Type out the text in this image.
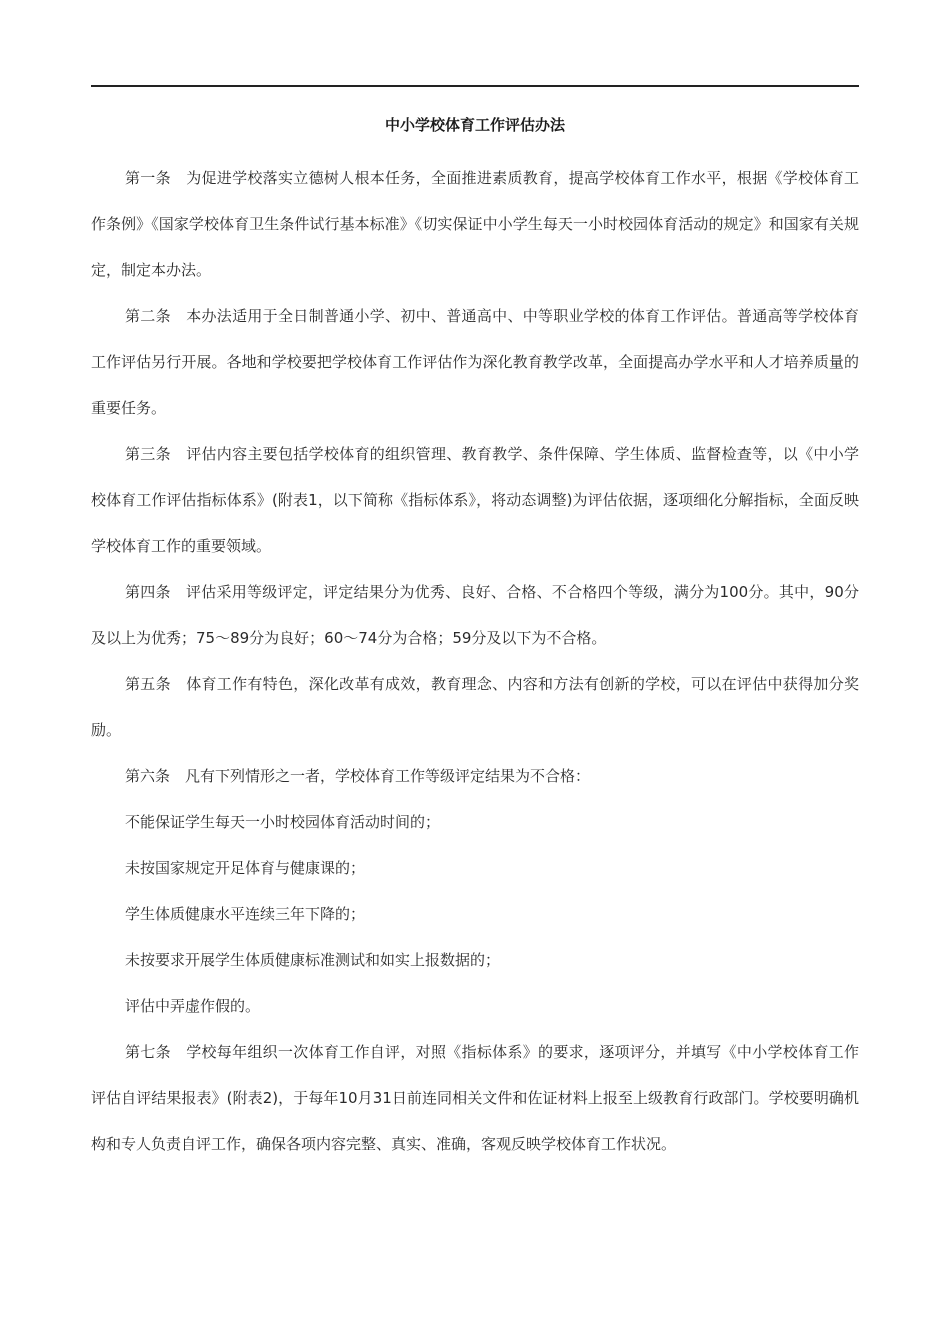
中小学校体育工作评估办法

第一条　为促进学校落实立德树人根本任务，全面推进素质教育，提高学校体育工作水平，根据《学校体育工作条例》《国家学校体育卫生条件试行基本标准》《切实保证中小学生每天一小时校园体育活动的规定》和国家有关规定，制定本办法。

第二条　本办法适用于全日制普通小学、初中、普通高中、中等职业学校的体育工作评估。普通高等学校体育工作评估另行开展。各地和学校要把学校体育工作评估作为深化教育教学改革，全面提高办学水平和人才培养质量的重要任务。

第三条　评估内容主要包括学校体育的组织管理、教育教学、条件保障、学生体质、监督检查等，以《中小学校体育工作评估指标体系》(附表1，以下简称《指标体系》，将动态调整)为评估依据，逐项细化分解指标，全面反映学校体育工作的重要领域。

第四条　评估采用等级评定，评定结果分为优秀、良好、合格、不合格四个等级，满分为100分。其中，90分及以上为优秀；75～89分为良好；60～74分为合格；59分及以下为不合格。

第五条　体育工作有特色，深化改革有成效，教育理念、内容和方法有创新的学校，可以在评估中获得加分奖励。

第六条　凡有下列情形之一者，学校体育工作等级评定结果为不合格：

不能保证学生每天一小时校园体育活动时间的；

未按国家规定开足体育与健康课的；

学生体质健康水平连续三年下降的；

未按要求开展学生体质健康标准测试和如实上报数据的；

评估中弄虚作假的。

第七条　学校每年组织一次体育工作自评，对照《指标体系》的要求，逐项评分，并填写《中小学校体育工作评估自评结果报表》(附表2)，于每年10月31日前连同相关文件和佐证材料上报至上级教育行政部门。学校要明确机构和专人负责自评工作，确保各项内容完整、真实、准确，客观反映学校体育工作状况。
